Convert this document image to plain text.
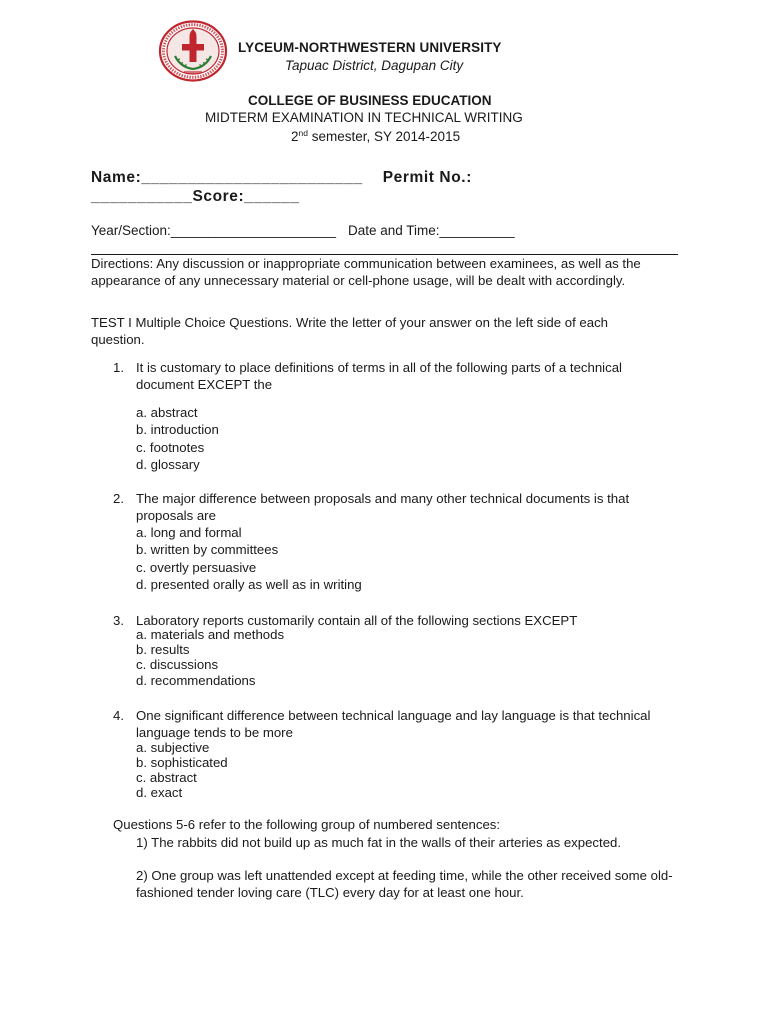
LYCEUM-NORTHWESTERN UNIVERSITY
Tapuac District, Dagupan City
COLLEGE OF BUSINESS EDUCATION
MIDTERM EXAMINATION IN TECHNICAL WRITING
2nd semester, SY 2014-2015
Name:________________________ Permit No.:
___________Score:______
Year/Section:______________________ Date and Time:__________
Directions: Any discussion or inappropriate communication between examinees, as well as the appearance of any unnecessary material or cell-phone usage, will be dealt with accordingly.
TEST I Multiple Choice Questions. Write the letter of your answer on the left side of each question.
1. It is customary to place definitions of terms in all of the following parts of a technical document EXCEPT the
a. abstract
b. introduction
c. footnotes
d. glossary
2. The major difference between proposals and many other technical documents is that proposals are
a. long and formal
b. written by committees
c. overtly persuasive
d. presented orally as well as in writing
3. Laboratory reports customarily contain all of the following sections EXCEPT
a. materials and methods
b. results
c. discussions
d. recommendations
4. One significant difference between technical language and lay language is that technical language tends to be more
a. subjective
b. sophisticated
c. abstract
d. exact
Questions 5-6 refer to the following group of numbered sentences:
1) The rabbits did not build up as much fat in the walls of their arteries as expected.
2) One group was left unattended except at feeding time, while the other received some old-fashioned tender loving care (TLC) every day for at least one hour.
